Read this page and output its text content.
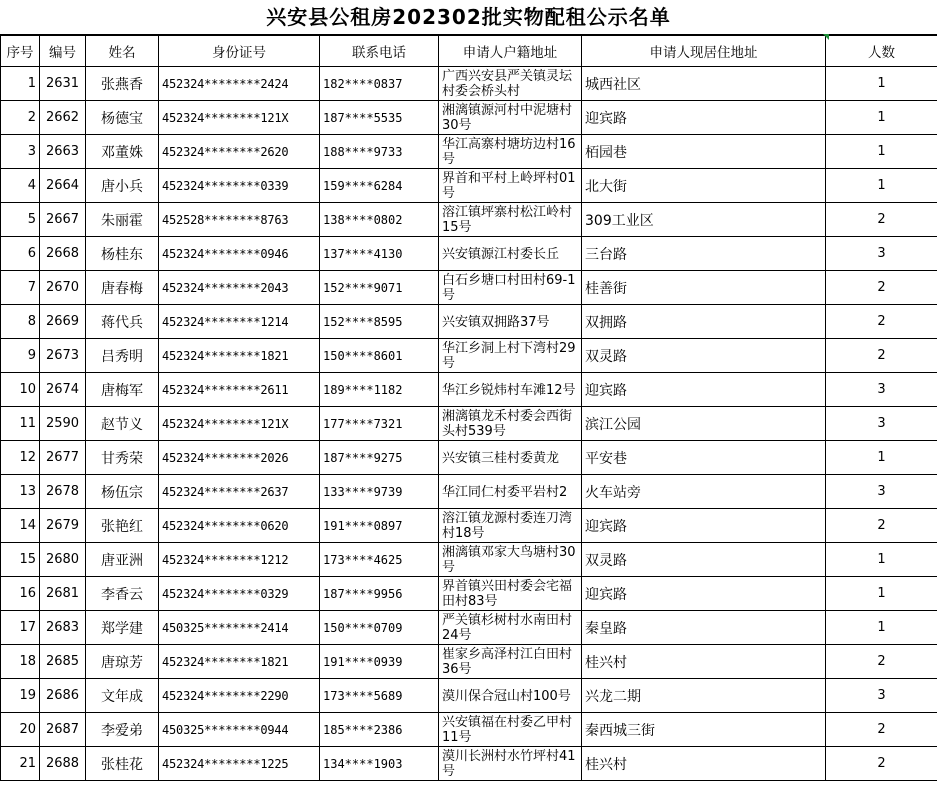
兴安县公租房202302批实物配租公示名单
序号	编号	姓名	身份证号	联系电话	申请人户籍地址	申请人现居住地址	人数
1	2631	张燕香	452324********2424	182****0837	广西兴安县严关镇灵坛村委会桥头村	城西社区	1
2	2662	杨德宝	452324********121X	187****5535	湘漓镇源河村中泥塘村30号	迎宾路	1
3	2663	邓董姝	452324********2620	188****9733	华江高寨村塘坊边村16号	栢园巷	1
4	2664	唐小兵	452324********0339	159****6284	界首和平村上岭坪村01号	北大街	1
5	2667	朱丽霍	452528********8763	138****0802	溶江镇坪寨村松江岭村15号	309工业区	2
6	2668	杨桂东	452324********0946	137****4130	兴安镇源江村委长丘	三台路	3
7	2670	唐春梅	452324********2043	152****9071	白石乡塘口村田村69-1号	桂善街	2
8	2669	蒋代兵	452324********1214	152****8595	兴安镇双拥路37号	双拥路	2
9	2673	吕秀明	452324********1821	150****8601	华江乡洞上村下湾村29号	双灵路	2
10	2674	唐梅军	452324********2611	189****1182	华江乡锐炜村车滩12号	迎宾路	3
11	2590	赵节义	452324********121X	177****7321	湘漓镇龙禾村委会西街头村539号	滨江公园	3
12	2677	甘秀荣	452324********2026	187****9275	兴安镇三桂村委黄龙	平安巷	1
13	2678	杨伍宗	452324********2637	133****9739	华江同仁村委平岩村2	火车站旁	3
14	2679	张艳红	452324********0620	191****0897	溶江镇龙源村委连刀湾村18号	迎宾路	2
15	2680	唐亚洲	452324********1212	173****4625	湘漓镇邓家大鸟塘村30号	双灵路	1
16	2681	李香云	452324********0329	187****9956	界首镇兴田村委会宅福田村83号	迎宾路	1
17	2683	郑学建	450325********2414	150****0709	严关镇杉树村水南田村24号	秦皇路	1
18	2685	唐琼芳	452324********1821	191****0939	崔家乡高泽村江白田村36号	桂兴村	2
19	2686	文年成	452324********2290	173****5689	漠川保合冠山村100号	兴龙二期	3
20	2687	李爱弟	450325********0944	185****2386	兴安镇福在村委乙甲村11号	秦西城三街	2
21	2688	张桂花	452324********1225	134****1903	漠川长洲村水竹坪村41号	桂兴村	2
